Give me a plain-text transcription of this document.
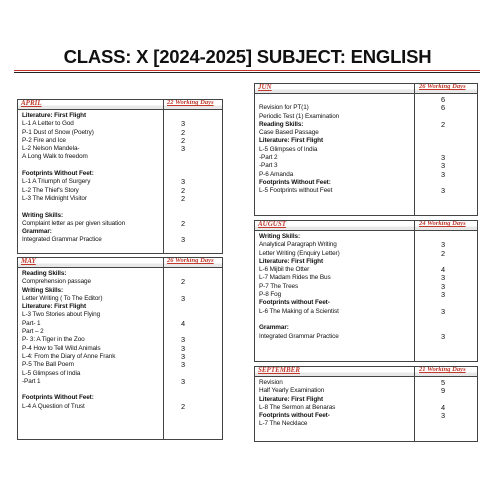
CLASS: X [2024-2025] SUBJECT: ENGLISH
APRIL	22 Working Days
Literature: First Flight
L-1 A Letter to God	3
P-1 Dust of Snow (Poetry)	2
P-2 Fire and Ice	2
L-2 Nelson Mandela-	3
A Long Walk to freedom
Footprints Without Feet:
L-1 A Triumph of Surgery	3
L-2 The Thief's Story	2
L-3 The Midnight Visitor	2
Writing Skills:
Complaint letter as per given situation	2
Grammar:
Integrated Grammar Practice	3
MAY	26 Working Days
Reading Skills:
Comprehension passage	2
Writing Skills:
Letter Writing ( To The Editor)	3
Literature: First Flight
L-3 Two Stories about Flying
Part- 1	4
Part – 2
P- 3: A Tiger in the Zoo	3
P-4 How to Tell Wild Animals	3
L-4: From the Diary of Anne Frank	3
P-5 The Ball Poem	3
L-5 Glimpses of India
-Part 1	3
Footprints Without Feet:
L-4 A Question of Trust	2
JUN	26 Working Days
6
Revision for PT(1)	6
Periodic Test (1) Examination
Reading Skills:	2
Case Based Passage
Literature: First Flight
L-5 Glimpses of India
-Part 2	3
-Part 3	3
P-6 Amanda	3
Footprints Without Feet:
L-5 Footprints without Feet	3
AUGUST	24 Working Days
Writing Skills:
Analytical Paragraph Writing	3
Letter Writing (Enquiry Letter)	2
Literature: First Flight
L-6 Mijbil the Otter	4
L-7 Madam Rides the Bus	3
P-7 The Trees	3
P-8 Fog	3
Footprints without Feet-
L-6 The Making of a Scientist	3
Grammar:
Integrated Grammar Practice	3
SEPTEMBER	21 Working Days
Revision	5
Half Yearly Examination	9
Literature: First Flight
L-8 The Sermon at Benaras	4
Footprints without Feet-	3
L-7 The Necklace
